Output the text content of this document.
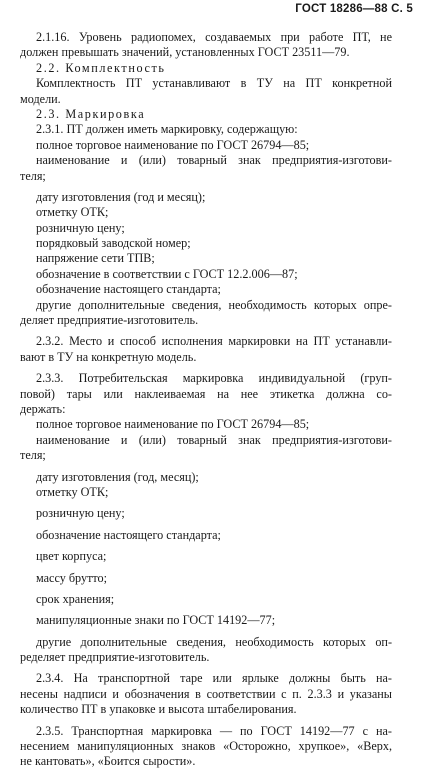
ГОСТ 18286—88 С. 5
2.1.16. Уровень радиопомех, создаваемых при работе ПТ, не
должен превышать значений, установленных ГОСТ 23511—79.
2.2. Комплектность
Комплектность ПТ устанавливают в ТУ на ПТ конкретной
модели.
2.3. Маркировка
2.3.1. ПТ должен иметь маркировку, содержащую:
полное торговое наименование по ГОСТ 26794—85;
наименование и (или) товарный знак предприятия-изготови-
теля;
дату изготовления (год и месяц);
отметку ОТК;
розничную цену;
порядковый заводской номер;
напряжение сети ТПВ;
обозначение в соответствии с ГОСТ 12.2.006—87;
обозначение настоящего стандарта;
другие дополнительные сведения, необходимость которых опре-
деляет предприятие-изготовитель.
2.3.2. Место и способ исполнения маркировки на ПТ устанавли-
вают в ТУ на конкретную модель.
2.3.3. Потребительская маркировка индивидуальной (груп-
повой) тары или наклеиваемая на нее этикетка должна со-
держать:
полное торговое наименование по ГОСТ 26794—85;
наименование и (или) товарный знак предприятия-изготови-
теля;
дату изготовления (год, месяц);
отметку ОТК;
розничную цену;
обозначение настоящего стандарта;
цвет корпуса;
массу брутто;
срок хранения;
манипуляционные знаки по ГОСТ 14192—77;
другие дополнительные сведения, необходимость которых оп-
ределяет предприятие-изготовитель.
2.3.4. На транспортной таре или ярлыке должны быть на-
несены надписи и обозначения в соответствии с п. 2.3.3 и указаны
количество ПТ в упаковке и высота штабелирования.
2.3.5. Транспортная маркировка — по ГОСТ 14192—77 с на-
несением манипуляционных знаков «Осторожно, хрупкое», «Верх,
не кантовать», «Боится сырости».
